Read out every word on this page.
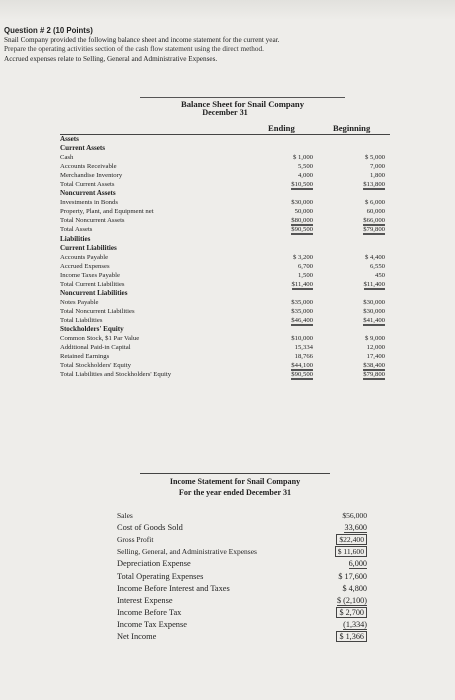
Question # 2 (10 Points)
Snail Company provided the following balance sheet and income statement for the current year.
Prepare the operating activities section of the cash flow statement using the direct method.
Accrued expenses relate to Selling, General and Administrative Expenses.
Balance Sheet for Snail Company
December 31
Ending	Beginning
Assets		
Current Assets		
Cash	$ 1,000	$ 5,000
Accounts Receivable	5,500	7,000
Merchandise Inventory	4,000	1,800
Total Current Assets	$10,500	$13,800
Noncurrent Assets		
Investments in Bonds	$30,000	$ 6,000
Property, Plant, and Equipment net	50,000	60,000
Total Noncurrent Assets	$80,000	$66,000
Total Assets	$90,500	$79,800
Liabilities		
Current Liabilities		
Accounts Payable	$ 3,200	$ 4,400
Accrued Expenses	6,700	6,550
Income Taxes Payable	1,500	450
Total Current Liabilities	$11,400	$11,400
Noncurrent Liabilities		
Notes Payable	$35,000	$30,000
Total Noncurrent Liabilities	$35,000	$30,000
Total Liabilities	$46,400	$41,400
Stockholders' Equity		
Common Stock, $1 Par Value	$10,000	$ 9,000
Additional Paid-in Capital	15,334	12,000
Retained Earnings	18,766	17,400
Total Stockholders' Equity	$44,100	$38,400
Total Liabilities and Stockholders' Equity	$90,500	$79,800
Income Statement for Snail Company
For the year ended December 31
Sales	$56,000
Cost of Goods Sold	33,600
Gross Profit	$22,400
Selling, General, and Administrative Expenses	$ 11,600
Depreciation Expense	6,000
Total Operating Expenses	$ 17,600
Income Before Interest and Taxes	$ 4,800
Interest Expense	$ (2,100)
Income Before Tax	$ 2,700
Income Tax Expense	(1,334)
Net Income	$ 1,366
